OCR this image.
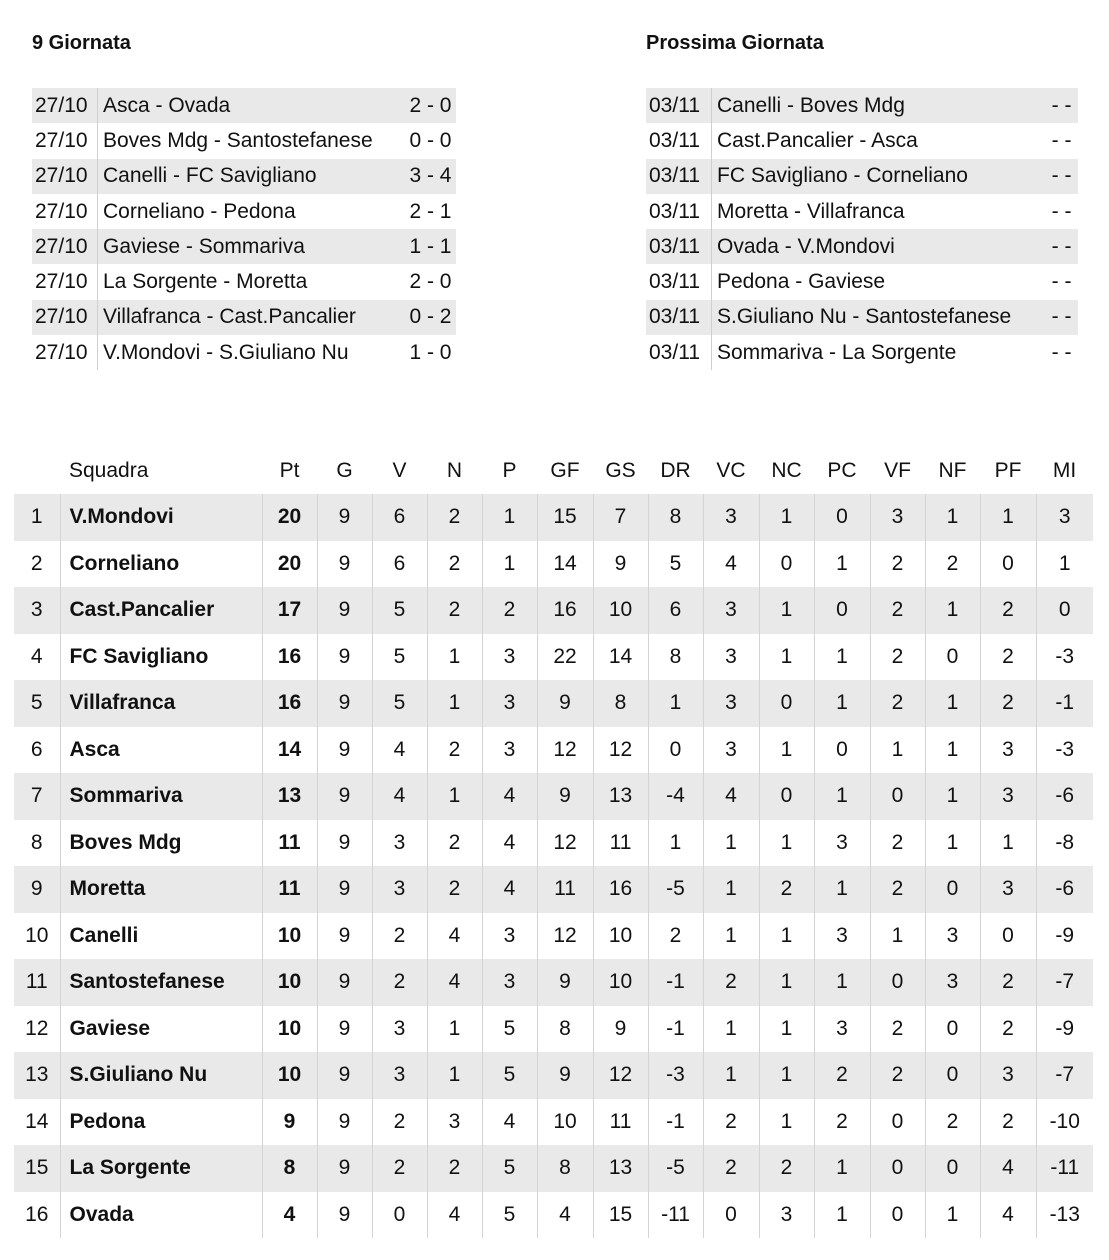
9 Giornata	Prossima Giornata
27/10	Asca - Ovada	2 - 0
27/10	Boves Mdg - Santostefanese	0 - 0
27/10	Canelli - FC Savigliano	3 - 4
27/10	Corneliano - Pedona	2 - 1
27/10	Gaviese - Sommariva	1 - 1
27/10	La Sorgente - Moretta	2 - 0
27/10	Villafranca - Cast.Pancalier	0 - 2
27/10	V.Mondovi - S.Giuliano Nu	1 - 0
03/11	Canelli - Boves Mdg	- -
03/11	Cast.Pancalier - Asca	- -
03/11	FC Savigliano - Corneliano	- -
03/11	Moretta - Villafranca	- -
03/11	Ovada - V.Mondovi	- -
03/11	Pedona - Gaviese	- -
03/11	S.Giuliano Nu - Santostefanese	- -
03/11	Sommariva - La Sorgente	- -
	Squadra	Pt	G	V	N	P	GF	GS	DR	VC	NC	PC	VF	NF	PF	MI
1	V.Mondovi	20	9	6	2	1	15	7	8	3	1	0	3	1	1	3
2	Corneliano	20	9	6	2	1	14	9	5	4	0	1	2	2	0	1
3	Cast.Pancalier	17	9	5	2	2	16	10	6	3	1	0	2	1	2	0
4	FC Savigliano	16	9	5	1	3	22	14	8	3	1	1	2	0	2	-3
5	Villafranca	16	9	5	1	3	9	8	1	3	0	1	2	1	2	-1
6	Asca	14	9	4	2	3	12	12	0	3	1	0	1	1	3	-3
7	Sommariva	13	9	4	1	4	9	13	-4	4	0	1	0	1	3	-6
8	Boves Mdg	11	9	3	2	4	12	11	1	1	1	3	2	1	1	-8
9	Moretta	11	9	3	2	4	11	16	-5	1	2	1	2	0	3	-6
10	Canelli	10	9	2	4	3	12	10	2	1	1	3	1	3	0	-9
11	Santostefanese	10	9	2	4	3	9	10	-1	2	1	1	0	3	2	-7
12	Gaviese	10	9	3	1	5	8	9	-1	1	1	3	2	0	2	-9
13	S.Giuliano Nu	10	9	3	1	5	9	12	-3	1	1	2	2	0	3	-7
14	Pedona	9	9	2	3	4	10	11	-1	2	1	2	0	2	2	-10
15	La Sorgente	8	9	2	2	5	8	13	-5	2	2	1	0	0	4	-11
16	Ovada	4	9	0	4	5	4	15	-11	0	3	1	0	1	4	-13
